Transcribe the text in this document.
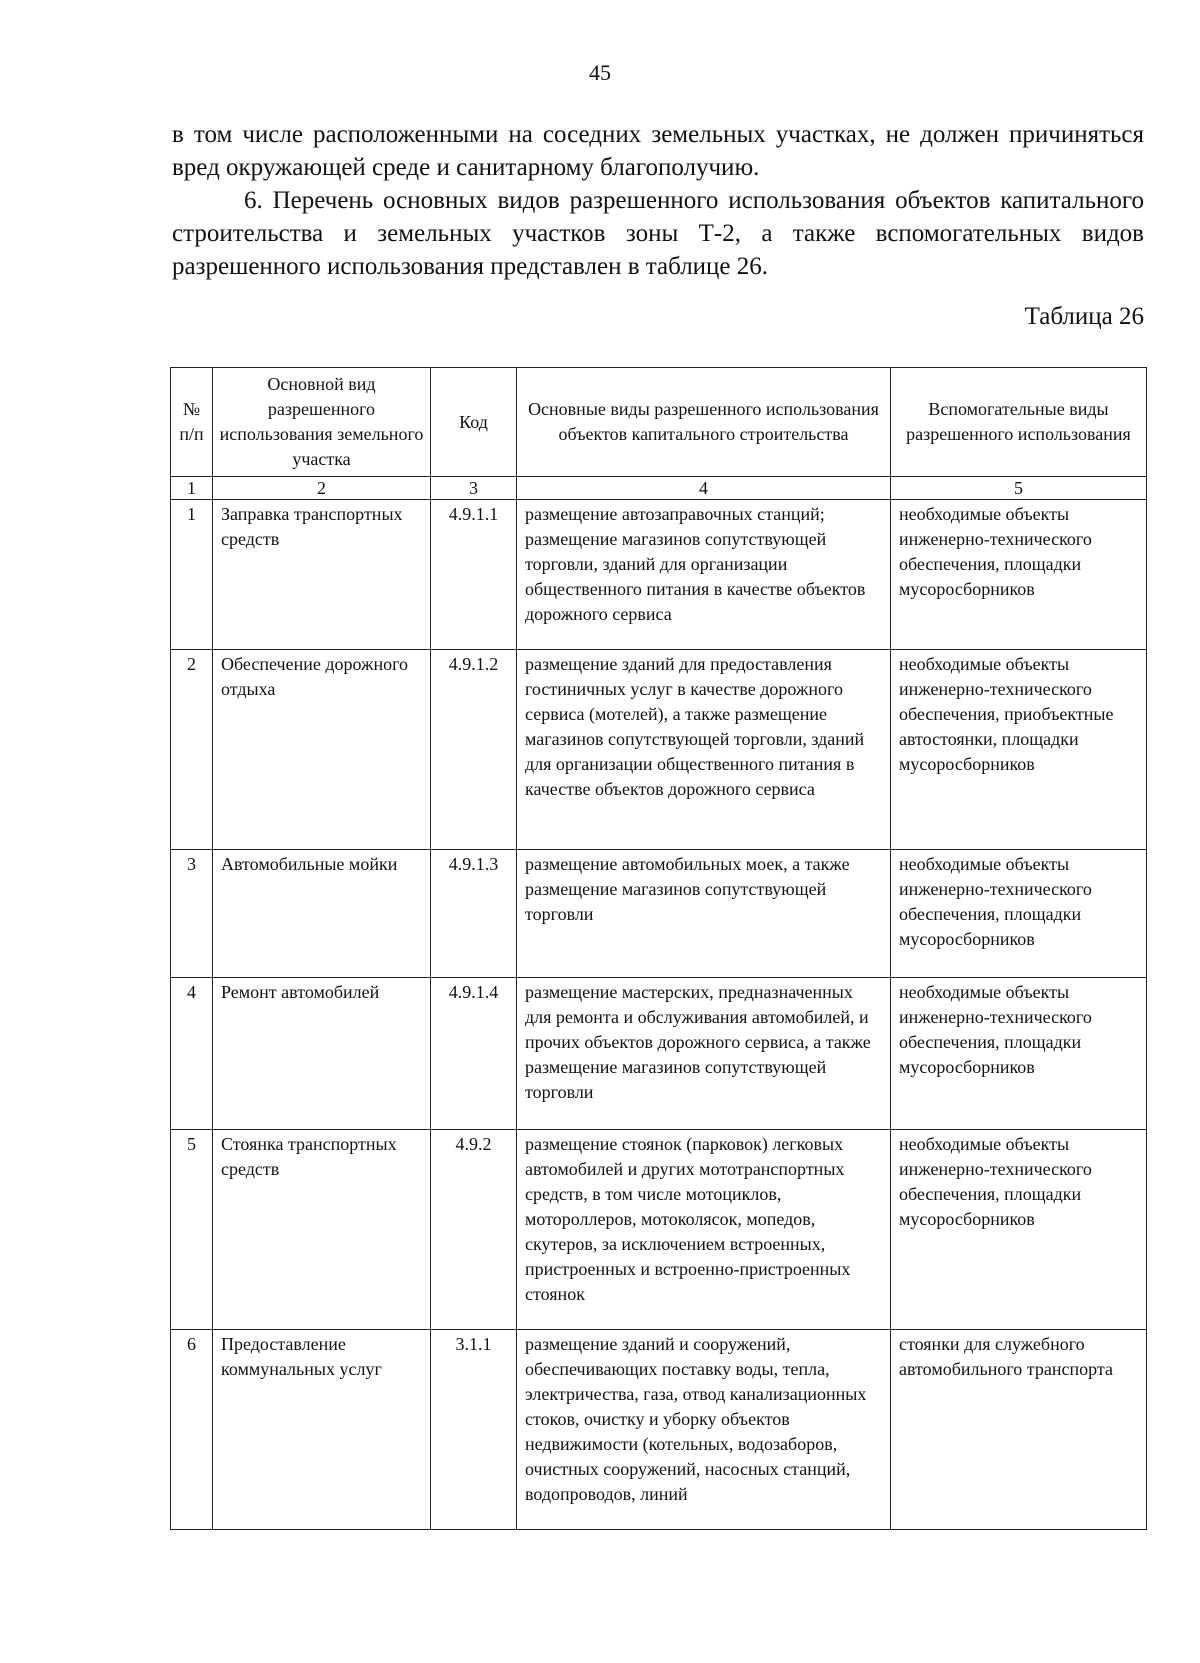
45

в том числе расположенными на соседних земельных участках, не должен причиняться вред окружающей среде и санитарному благополучию.

6. Перечень основных видов разрешенного использования объектов капитального строительства и земельных участков зоны Т-2, а также вспомогательных видов разрешенного использования представлен в таблице 26.

Таблица 26
№ п/п	Основной вид разрешенного использования земельного участка	Код	Основные виды разрешенного использования объектов капитального строительства	Вспомогательные виды разрешенного использования
1	2	3	4	5
1	Заправка транспортных средств	4.9.1.1	размещение автозаправочных станций; размещение магазинов сопутствующей торговли, зданий для организации общественного питания в качестве объектов дорожного сервиса	необходимые объекты инженерно-технического обеспечения, площадки мусоросборников
2	Обеспечение дорожного отдыха	4.9.1.2	размещение зданий для предоставления гостиничных услуг в качестве дорожного сервиса (мотелей), а также размещение магазинов сопутствующей торговли, зданий для организации общественного питания в качестве объектов дорожного сервиса	необходимые объекты инженерно-технического обеспечения, приобъектные автостоянки, площадки мусоросборников
3	Автомобильные мойки	4.9.1.3	размещение автомобильных моек, а также размещение магазинов сопутствующей торговли	необходимые объекты инженерно-технического обеспечения, площадки мусоросборников
4	Ремонт автомобилей	4.9.1.4	размещение мастерских, предназначенных для ремонта и обслуживания автомобилей, и прочих объектов дорожного сервиса, а также размещение магазинов сопутствующей торговли	необходимые объекты инженерно-технического обеспечения, площадки мусоросборников
5	Стоянка транспортных средств	4.9.2	размещение стоянок (парковок) легковых автомобилей и других мототранспортных средств, в том числе мотоциклов, мотороллеров, мотоколясок, мопедов, скутеров, за исключением встроенных, пристроенных и встроенно-пристроенных стоянок	необходимые объекты инженерно-технического обеспечения, площадки мусоросборников
6	Предоставление коммунальных услуг	3.1.1	размещение зданий и сооружений, обеспечивающих поставку воды, тепла, электричества, газа, отвод канализационных стоков, очистку и уборку объектов недвижимости (котельных, водозаборов, очистных сооружений, насосных станций, водопроводов, линий	стоянки для служебного автомобильного транспорта
